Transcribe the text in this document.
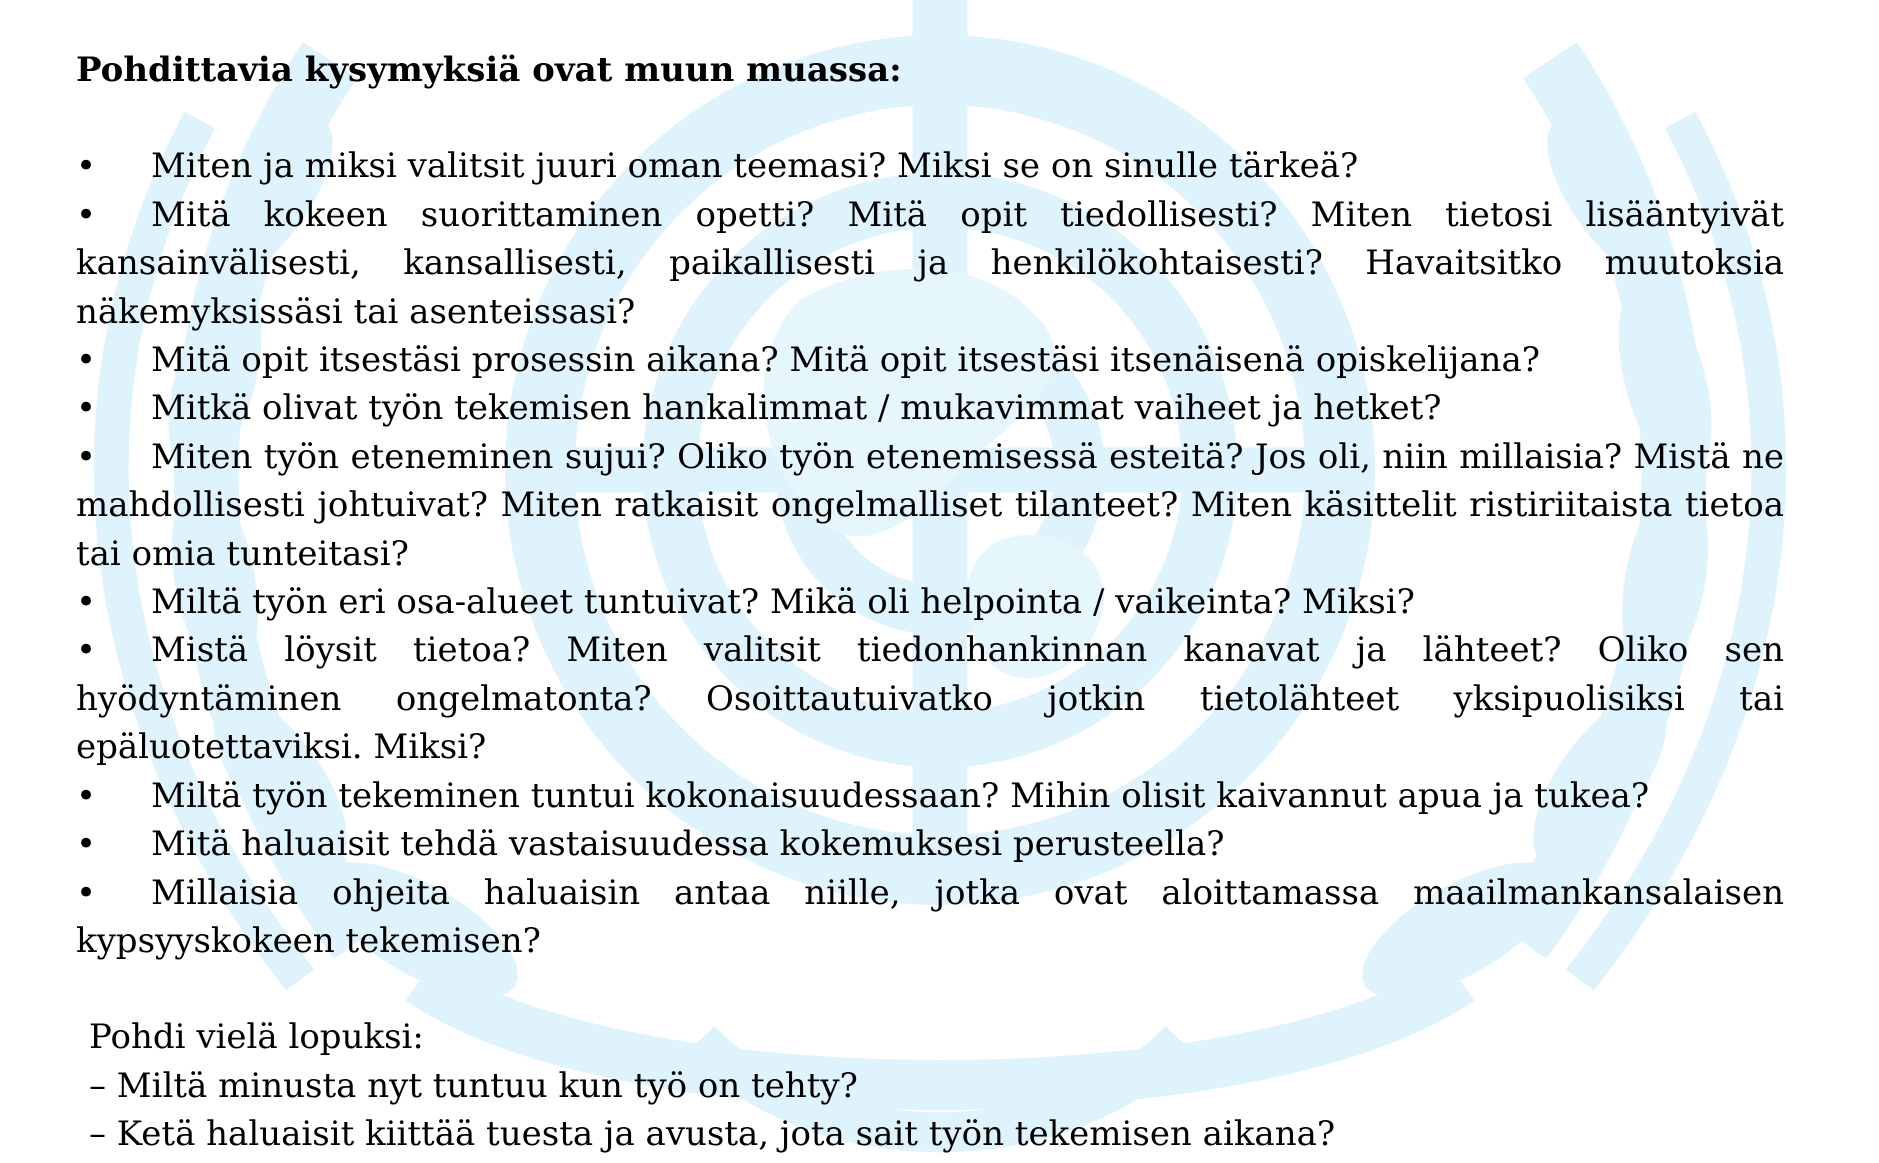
Pohdittavia kysymyksiä ovat muun muassa:

• Miten ja miksi valitsit juuri oman teemasi? Miksi se on sinulle tärkeä?
• Mitä kokeen suorittaminen opetti? Mitä opit tiedollisesti? Miten tietosi lisääntyivät kansainvälisesti, kansallisesti, paikallisesti ja henkilökohtaisesti? Havaitsitko muutoksia näkemyksissäsi tai asenteissasi?
• Mitä opit itsestäsi prosessin aikana? Mitä opit itsestäsi itsenäisenä opiskelijana?
• Mitkä olivat työn tekemisen hankalimmat / mukavimmat vaiheet ja hetket?
• Miten työn eteneminen sujui? Oliko työn etenemisessä esteitä? Jos oli, niin millaisia? Mistä ne mahdollisesti johtuivat? Miten ratkaisit ongelmalliset tilanteet? Miten käsittelit ristiriitaista tietoa tai omia tunteitasi?
• Miltä työn eri osa-alueet tuntuivat? Mikä oli helpointa / vaikeinta? Miksi?
• Mistä löysit tietoa? Miten valitsit tiedonhankinnan kanavat ja lähteet? Oliko sen hyödyntäminen ongelmatonta? Osoittautuivatko jotkin tietolähteet yksipuolisiksi tai epäluotettaviksi. Miksi?
• Miltä työn tekeminen tuntui kokonaisuudessaan? Mihin olisit kaivannut apua ja tukea?
• Mitä haluaisit tehdä vastaisuudessa kokemuksesi perusteella?
• Millaisia ohjeita haluaisin antaa niille, jotka ovat aloittamassa maailmankansalaisen kypsyyskokeen tekemisen?

Pohdi vielä lopuksi:

– Miltä minusta nyt tuntuu kun työ on tehty?

– Ketä haluaisit kiittää tuesta ja avusta, jota sait työn tekemisen aikana?
